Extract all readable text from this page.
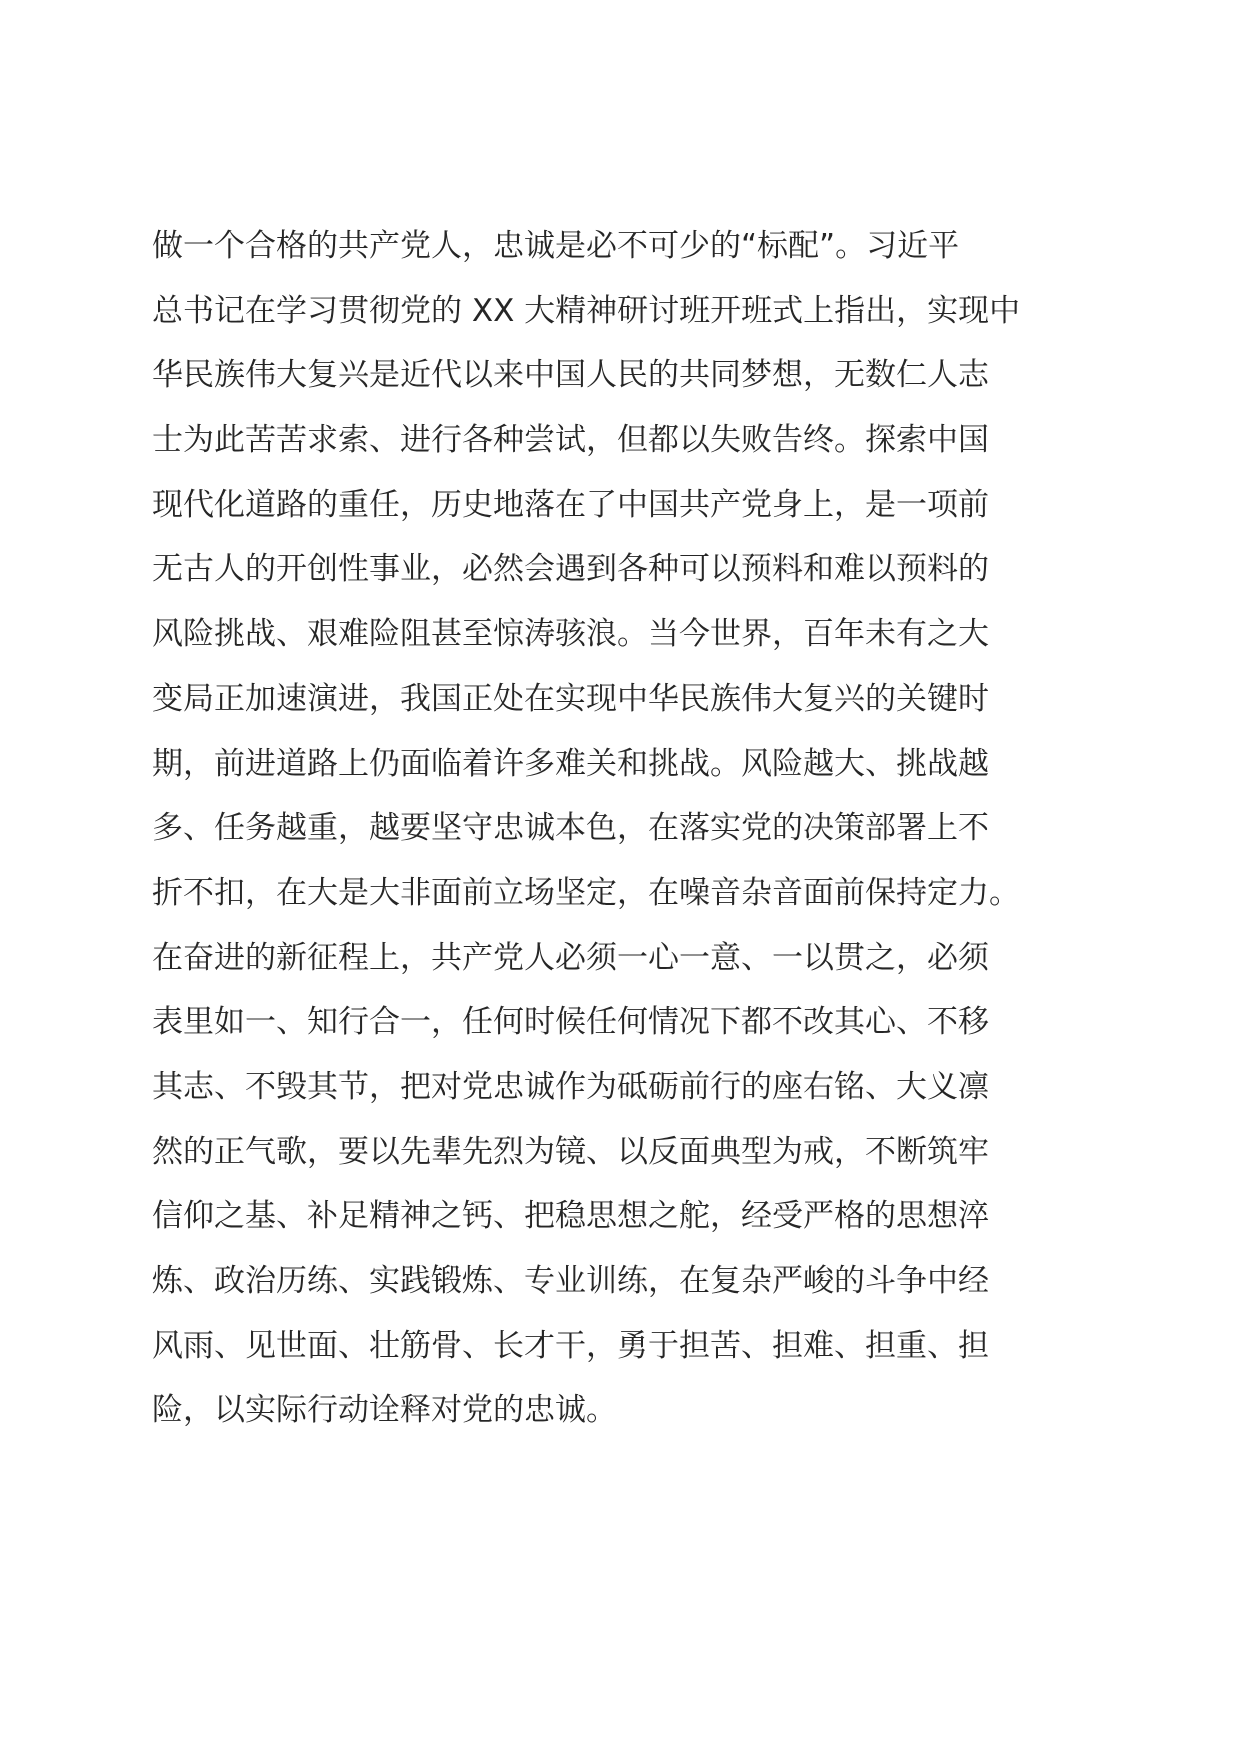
做一个合格的共产党人，忠诚是必不可少的“标配”。习近平
总书记在学习贯彻党的 XX 大精神研讨班开班式上指出，实现中
华民族伟大复兴是近代以来中国人民的共同梦想，无数仁人志
士为此苦苦求索、进行各种尝试，但都以失败告终。探索中国
现代化道路的重任，历史地落在了中国共产党身上，是一项前
无古人的开创性事业，必然会遇到各种可以预料和难以预料的
风险挑战、艰难险阻甚至惊涛骇浪。当今世界，百年未有之大
变局正加速演进，我国正处在实现中华民族伟大复兴的关键时
期，前进道路上仍面临着许多难关和挑战。风险越大、挑战越
多、任务越重，越要坚守忠诚本色，在落实党的决策部署上不
折不扣，在大是大非面前立场坚定，在噪音杂音面前保持定力。
在奋进的新征程上，共产党人必须一心一意、一以贯之，必须
表里如一、知行合一，任何时候任何情况下都不改其心、不移
其志、不毁其节，把对党忠诚作为砥砺前行的座右铭、大义凛
然的正气歌，要以先辈先烈为镜、以反面典型为戒，不断筑牢
信仰之基、补足精神之钙、把稳思想之舵，经受严格的思想淬
炼、政治历练、实践锻炼、专业训练，在复杂严峻的斗争中经
风雨、见世面、壮筋骨、长才干，勇于担苦、担难、担重、担
险，以实际行动诠释对党的忠诚。
